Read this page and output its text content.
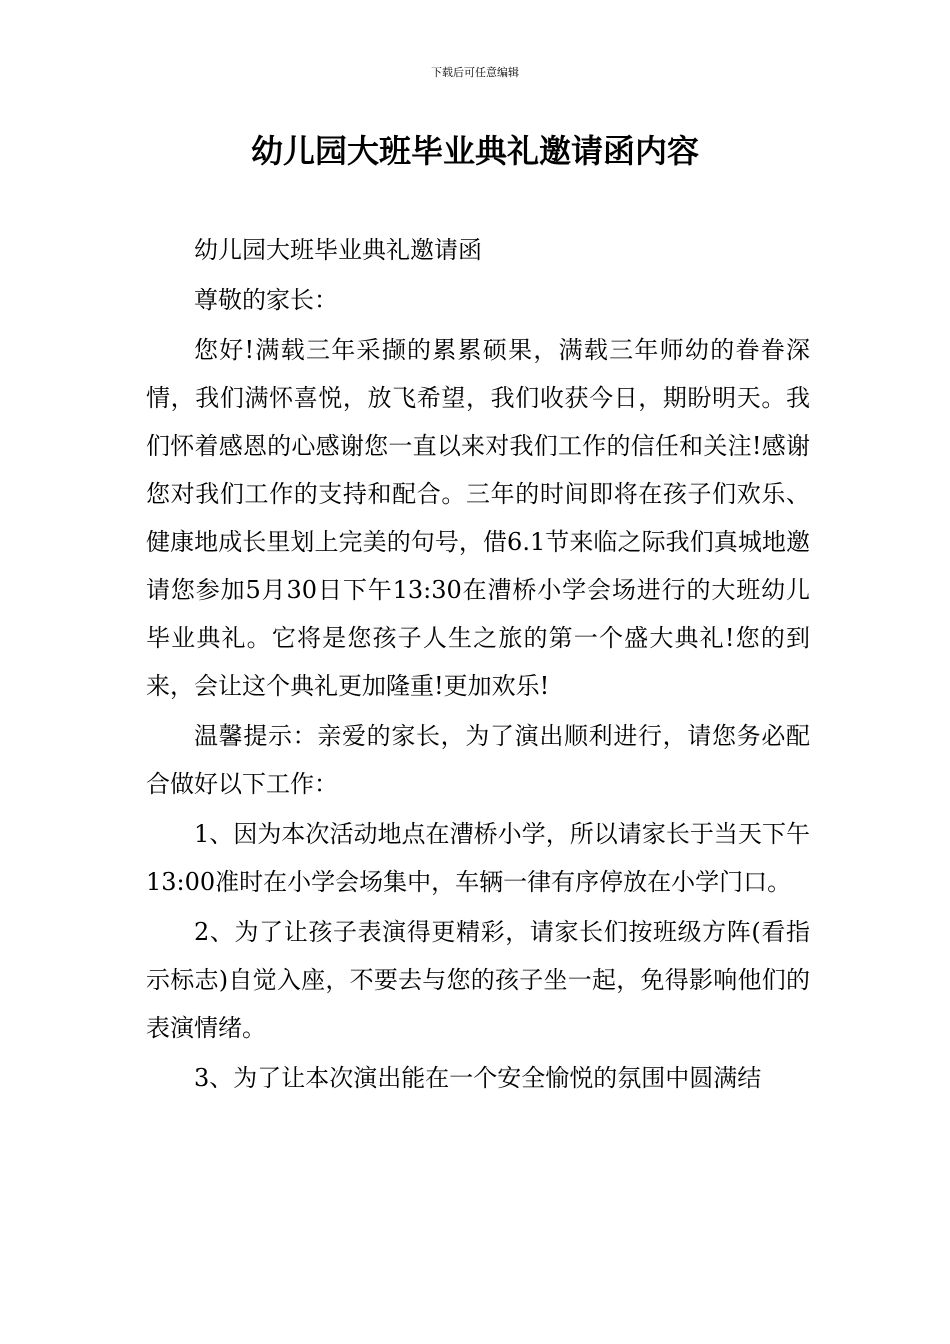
下载后可任意编辑
幼儿园大班毕业典礼邀请函内容

幼儿园大班毕业典礼邀请函

尊敬的家长：

您好!满载三年采撷的累累硕果，满载三年师幼的眷眷深情，我们满怀喜悦，放飞希望，我们收获今日，期盼明天。我们怀着感恩的心感谢您一直以来对我们工作的信任和关注!感谢您对我们工作的支持和配合。三年的时间即将在孩子们欢乐、健康地成长里划上完美的句号，借6.1节来临之际我们真城地邀请您参加5月30日下午13:30在漕桥小学会场进行的大班幼儿毕业典礼。它将是您孩子人生之旅的第一个盛大典礼!您的到来，会让这个典礼更加隆重!更加欢乐!

温馨提示：亲爱的家长，为了演出顺利进行，请您务必配合做好以下工作：

1、因为本次活动地点在漕桥小学，所以请家长于当天下午13:00准时在小学会场集中，车辆一律有序停放在小学门口。

2、为了让孩子表演得更精彩，请家长们按班级方阵(看指示标志)自觉入座，不要去与您的孩子坐一起，免得影响他们的表演情绪。

3、为了让本次演出能在一个安全愉悦的氛围中圆满结
